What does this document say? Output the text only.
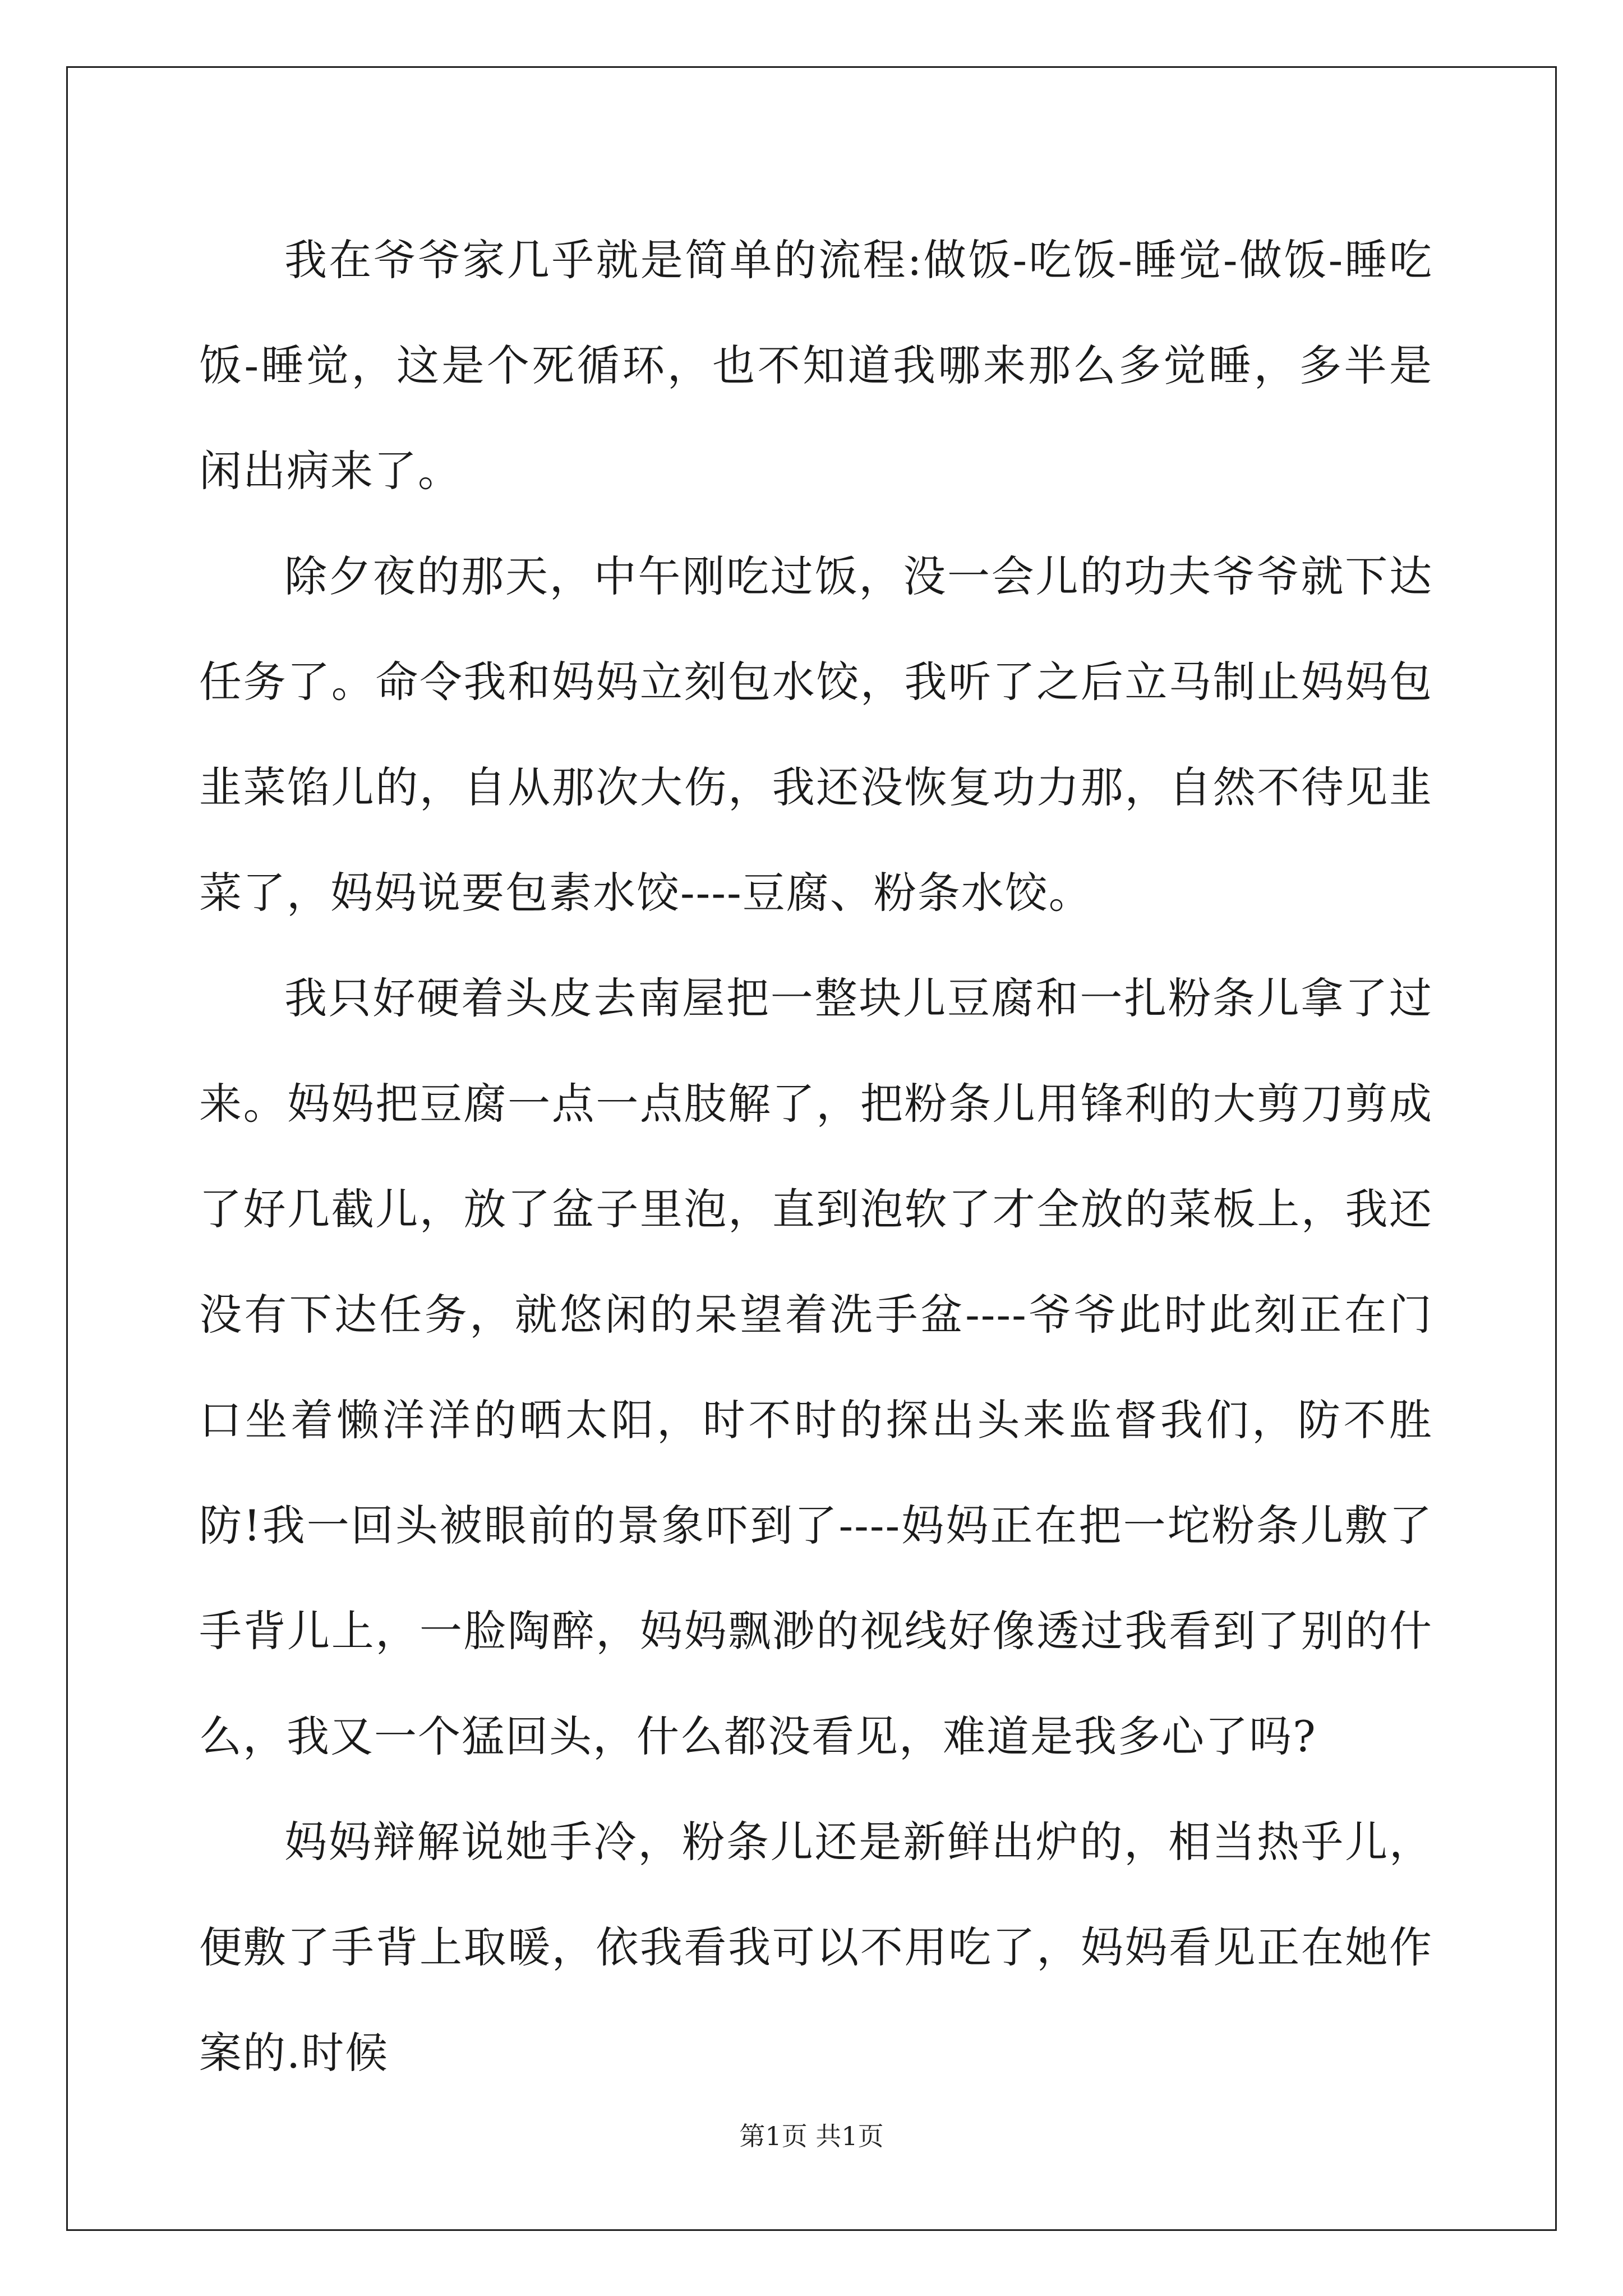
我在爷爷家几乎就是简单的流程:做饭-吃饭-睡觉-做饭-睡吃饭-睡觉，这是个死循环，也不知道我哪来那么多觉睡，多半是闲出病来了。

除夕夜的那天，中午刚吃过饭，没一会儿的功夫爷爷就下达任务了。命令我和妈妈立刻包水饺，我听了之后立马制止妈妈包韭菜馅儿的，自从那次大伤，我还没恢复功力那，自然不待见韭菜了，妈妈说要包素水饺----豆腐、粉条水饺。

我只好硬着头皮去南屋把一整块儿豆腐和一扎粉条儿拿了过来。妈妈把豆腐一点一点肢解了，把粉条儿用锋利的大剪刀剪成了好几截儿，放了盆子里泡，直到泡软了才全放的菜板上，我还没有下达任务，就悠闲的呆望着洗手盆----爷爷此时此刻正在门口坐着懒洋洋的晒太阳，时不时的探出头来监督我们，防不胜防!我一回头被眼前的景象吓到了----妈妈正在把一坨粉条儿敷了手背儿上，一脸陶醉，妈妈飘渺的视线好像透过我看到了别的什么，我又一个猛回头，什么都没看见，难道是我多心了吗?

妈妈辩解说她手冷，粉条儿还是新鲜出炉的，相当热乎儿，便敷了手背上取暖，依我看我可以不用吃了，妈妈看见正在她作案的.时候

第1页 共1页
